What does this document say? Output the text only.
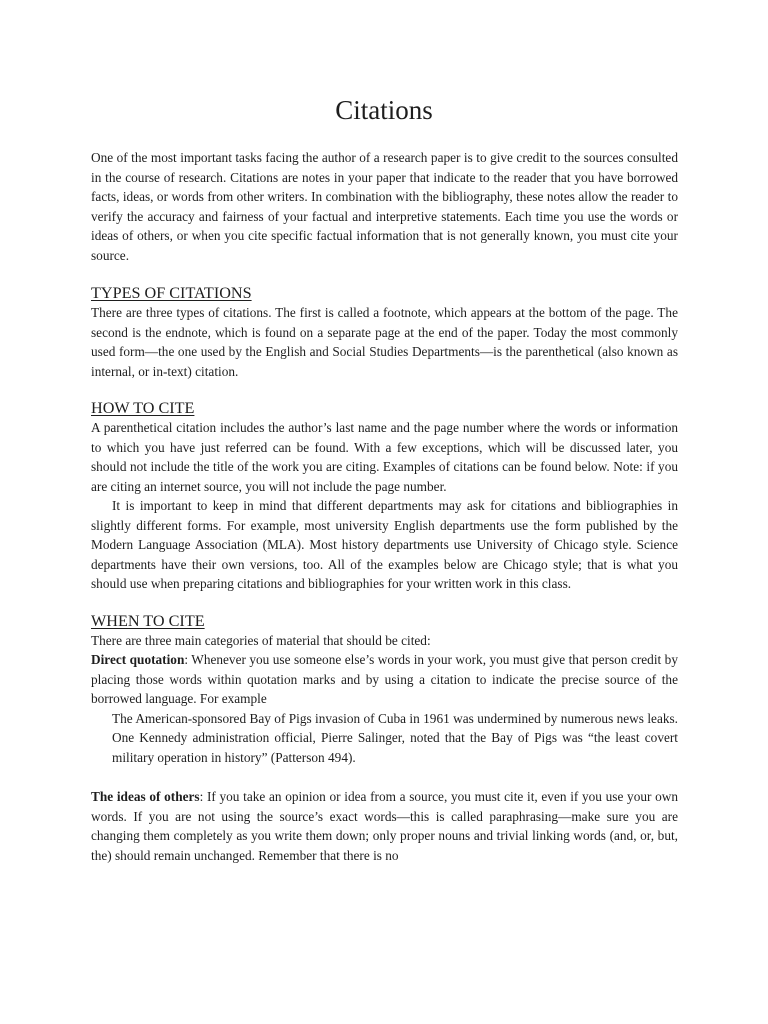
Citations

One of the most important tasks facing the author of a research paper is to give credit to the sources consulted in the course of research. Citations are notes in your paper that indicate to the reader that you have borrowed facts, ideas, or words from other writers. In combination with the bibliography, these notes allow the reader to verify the accuracy and fairness of your factual and interpretive statements. Each time you use the words or ideas of others, or when you cite specific factual information that is not generally known, you must cite your source.

TYPES OF CITATIONS

There are three types of citations. The first is called a footnote, which appears at the bottom of the page. The second is the endnote, which is found on a separate page at the end of the paper. Today the most commonly used form—the one used by the English and Social Studies Departments—is the parenthetical (also known as internal, or in-text) citation.

HOW TO CITE

A parenthetical citation includes the author’s last name and the page number where the words or information to which you have just referred can be found. With a few exceptions, which will be discussed later, you should not include the title of the work you are citing. Examples of citations can be found below. Note: if you are citing an internet source, you will not include the page number.

It is important to keep in mind that different departments may ask for citations and bibliographies in slightly different forms. For example, most university English departments use the form published by the Modern Language Association (MLA). Most history departments use University of Chicago style. Science departments have their own versions, too. All of the examples below are Chicago style; that is what you should use when preparing citations and bibliographies for your written work in this class.

WHEN TO CITE

There are three main categories of material that should be cited:

Direct quotation: Whenever you use someone else’s words in your work, you must give that person credit by placing those words within quotation marks and by using a citation to indicate the precise source of the borrowed language. For example

The American-sponsored Bay of Pigs invasion of Cuba in 1961 was undermined by numerous news leaks. One Kennedy administration official, Pierre Salinger, noted that the Bay of Pigs was “the least covert military operation in history” (Patterson 494).

The ideas of others: If you take an opinion or idea from a source, you must cite it, even if you use your own words. If you are not using the source’s exact words—this is called paraphrasing—make sure you are changing them completely as you write them down; only proper nouns and trivial linking words (and, or, but, the) should remain unchanged. Remember that there is no
